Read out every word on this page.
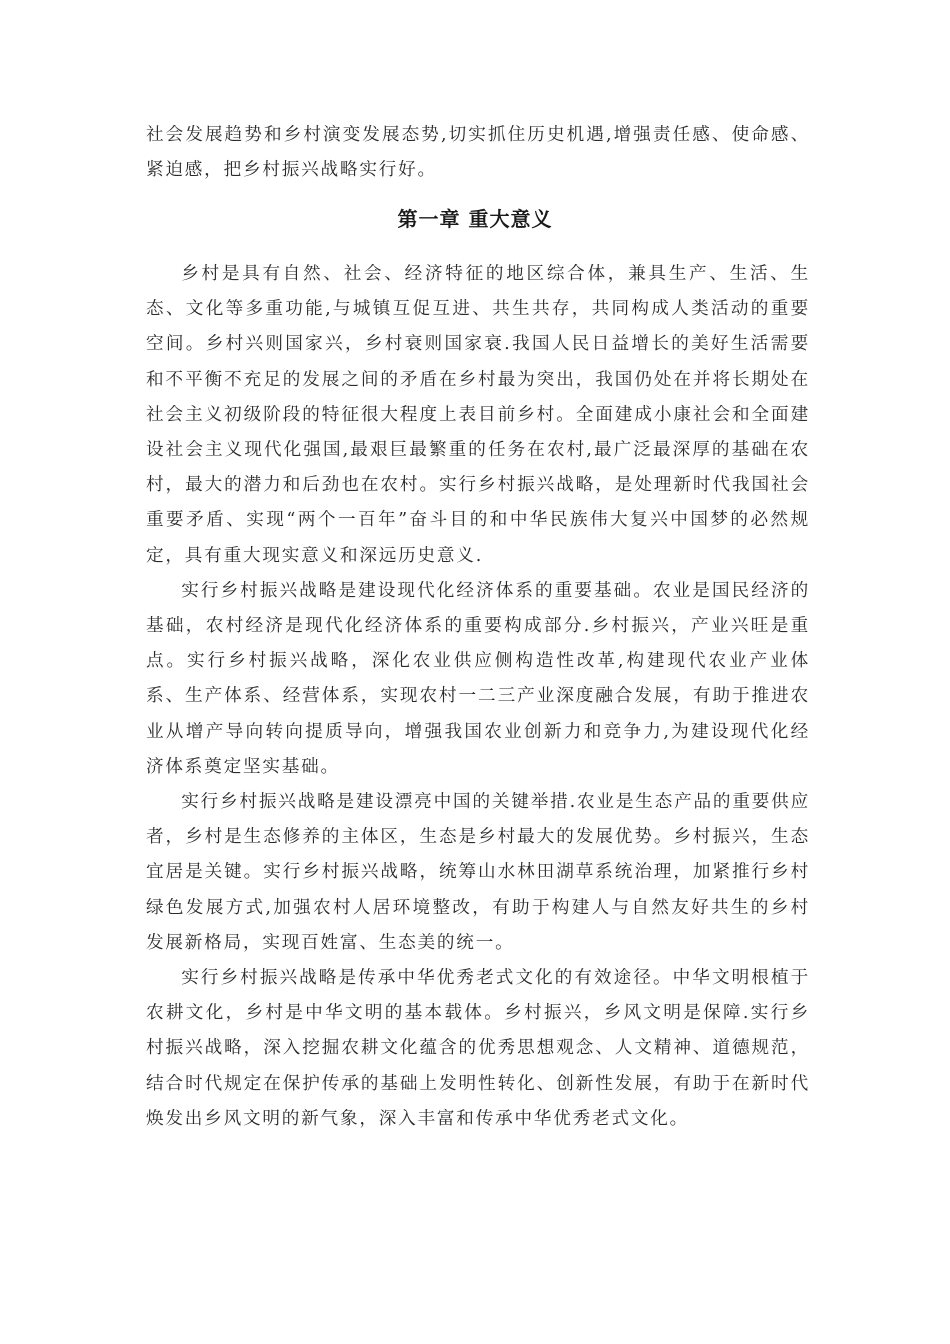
社会发展趋势和乡村演变发展态势,切实抓住历史机遇,增强责任感、使命感、紧迫感，把乡村振兴战略实行好。

第一章 重大意义

乡村是具有自然、社会、经济特征的地区综合体，兼具生产、生活、生态、文化等多重功能,与城镇互促互进、共生共存，共同构成人类活动的重要空间。乡村兴则国家兴，乡村衰则国家衰.我国人民日益增长的美好生活需要和不平衡不充足的发展之间的矛盾在乡村最为突出，我国仍处在并将长期处在社会主义初级阶段的特征很大程度上表目前乡村。全面建成小康社会和全面建设社会主义现代化强国,最艰巨最繁重的任务在农村,最广泛最深厚的基础在农村，最大的潜力和后劲也在农村。实行乡村振兴战略，是处理新时代我国社会重要矛盾、实现“两个一百年”奋斗目的和中华民族伟大复兴中国梦的必然规定，具有重大现实意义和深远历史意义.

实行乡村振兴战略是建设现代化经济体系的重要基础。农业是国民经济的基础，农村经济是现代化经济体系的重要构成部分.乡村振兴，产业兴旺是重点。实行乡村振兴战略，深化农业供应侧构造性改革,构建现代农业产业体系、生产体系、经营体系，实现农村一二三产业深度融合发展，有助于推进农业从增产导向转向提质导向，增强我国农业创新力和竞争力,为建设现代化经济体系奠定坚实基础。

实行乡村振兴战略是建设漂亮中国的关键举措.农业是生态产品的重要供应者，乡村是生态修养的主体区，生态是乡村最大的发展优势。乡村振兴，生态宜居是关键。实行乡村振兴战略，统筹山水林田湖草系统治理，加紧推行乡村绿色发展方式,加强农村人居环境整改，有助于构建人与自然友好共生的乡村发展新格局，实现百姓富、生态美的统一。

实行乡村振兴战略是传承中华优秀老式文化的有效途径。中华文明根植于农耕文化，乡村是中华文明的基本载体。乡村振兴，乡风文明是保障.实行乡村振兴战略，深入挖掘农耕文化蕴含的优秀思想观念、人文精神、道德规范，结合时代规定在保护传承的基础上发明性转化、创新性发展，有助于在新时代焕发出乡风文明的新气象，深入丰富和传承中华优秀老式文化。
